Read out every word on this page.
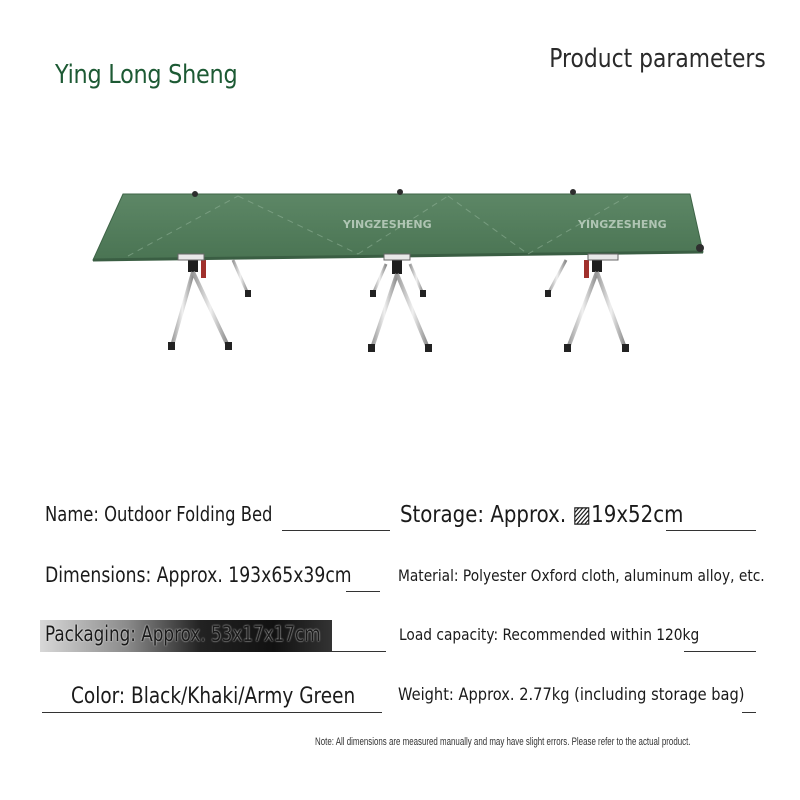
Ying Long Sheng
Product parameters
YINGZESHENG	YINGZESHENG
Name: Outdoor Folding Bed	Storage: Approx. ▨19x52cm
Dimensions: Approx. 193x65x39cm	Material: Polyester Oxford cloth, aluminum alloy, etc.
Packaging: Approx. 53x17x17cm	Load capacity: Recommended within 120kg
Color: Black/Khaki/Army Green	Weight: Approx. 2.77kg (including storage bag)
Note: All dimensions are measured manually and may have slight errors. Please refer to the actual product.
